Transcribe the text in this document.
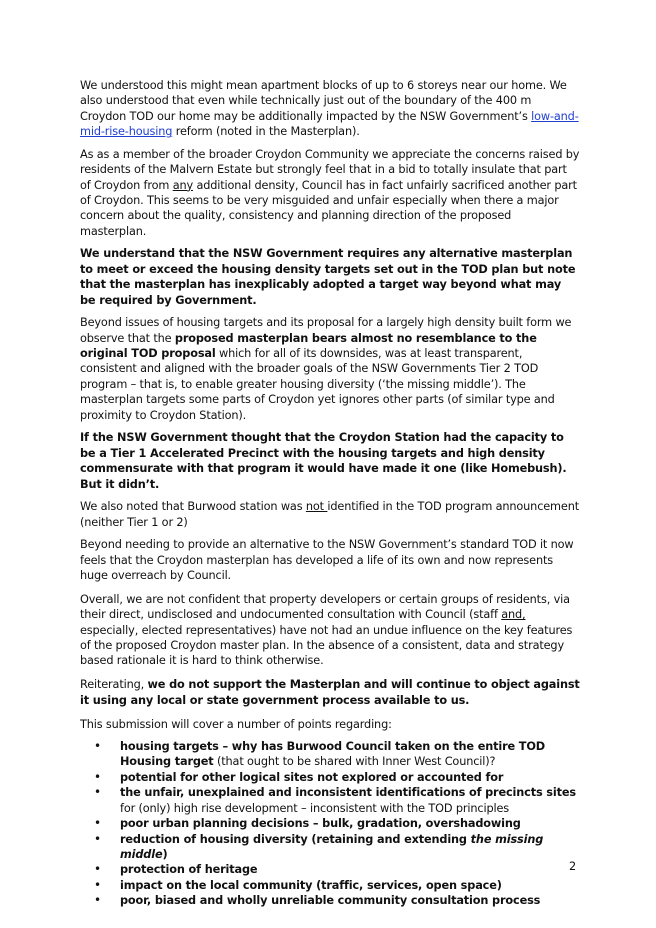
We understood this might mean apartment blocks of up to 6 storeys near our home. We also understood that even while technically just out of the boundary of the 400 m Croydon TOD our home may be additionally impacted by the NSW Government’s low-and-mid-rise-housing reform (noted in the Masterplan).

As as a member of the broader Croydon Community we appreciate the concerns raised by residents of the Malvern Estate but strongly feel that in a bid to totally insulate that part of Croydon from any additional density, Council has in fact unfairly sacrificed another part of Croydon. This seems to be very misguided and unfair especially when there a major concern about the quality, consistency and planning direction of the proposed masterplan.

We understand that the NSW Government requires any alternative masterplan to meet or exceed the housing density targets set out in the TOD plan but note that the masterplan has inexplicably adopted a target way beyond what may be required by Government.

Beyond issues of housing targets and its proposal for a largely high density built form we observe that the proposed masterplan bears almost no resemblance to the original TOD proposal which for all of its downsides, was at least transparent, consistent and aligned with the broader goals of the NSW Governments Tier 2 TOD program – that is, to enable greater housing diversity (‘the missing middle’). The masterplan targets some parts of Croydon yet ignores other parts (of similar type and proximity to Croydon Station).

If the NSW Government thought that the Croydon Station had the capacity to be a Tier 1 Accelerated Precinct with the housing targets and high density commensurate with that program it would have made it one (like Homebush). But it didn’t.

We also noted that Burwood station was not identified in the TOD program announcement (neither Tier 1 or 2)

Beyond needing to provide an alternative to the NSW Government’s standard TOD it now feels that the Croydon masterplan has developed a life of its own and now represents huge overreach by Council.

Overall, we are not confident that property developers or certain groups of residents, via their direct, undisclosed and undocumented consultation with Council (staff and, especially, elected representatives) have not had an undue influence on the key features of the proposed Croydon master plan. In the absence of a consistent, data and strategy based rationale it is hard to think otherwise.

Reiterating, we do not support the Masterplan and will continue to object against it using any local or state government process available to us.

This submission will cover a number of points regarding:

• housing targets – why has Burwood Council taken on the entire TOD Housing target (that ought to be shared with Inner West Council)?
• potential for other logical sites not explored or accounted for
• the unfair, unexplained and inconsistent identifications of precincts sites for (only) high rise development – inconsistent with the TOD principles
• poor urban planning decisions – bulk, gradation, overshadowing
• reduction of housing diversity (retaining and extending the missing middle)
• protection of heritage
• impact on the local community (traffic, services, open space)
• poor, biased and wholly unreliable community consultation process
2
